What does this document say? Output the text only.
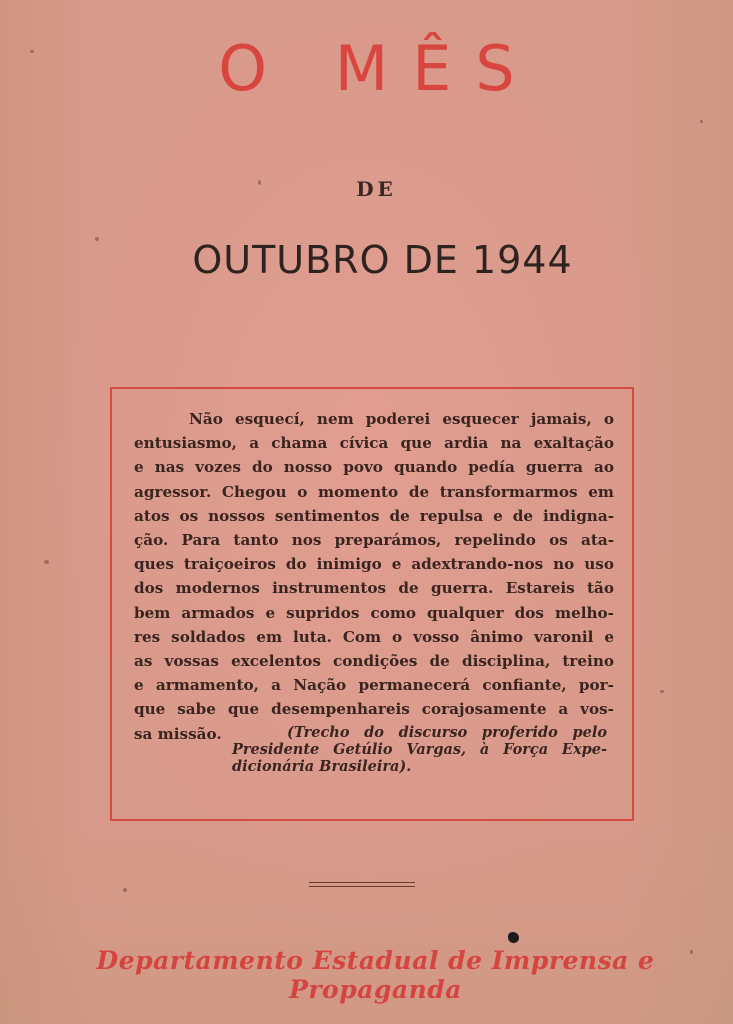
O MÊS
DE
OUTUBRO DE 1944
Não esquecí, nem poderei esquecer jamais, o
entusiasmo, a chama cívica que ardia na exaltação
e nas vozes do nosso povo quando pedía guerra ao
agressor. Chegou o momento de transformarmos em
atos os nossos sentimentos de repulsa e de indigna-
ção. Para tanto nos preparámos, repelindo os ata-
ques traiçoeiros do inimigo e adextrando-nos no uso
dos modernos instrumentos de guerra. Estareis tão
bem armados e supridos como qualquer dos melho-
res soldados em luta. Com o vosso ânimo varonil e
as vossas excelentos condições de disciplina, treino
e armamento, a Nação permanecerá confiante, por-
que sabe que desempenhareis corajosamente a vos-
sa missão.	(Trecho do discurso proferido pelo
Presidente Getúlio Vargas, à Força Expe-
dicionária Brasileira).
Departamento Estadual de Imprensa e Propaganda
